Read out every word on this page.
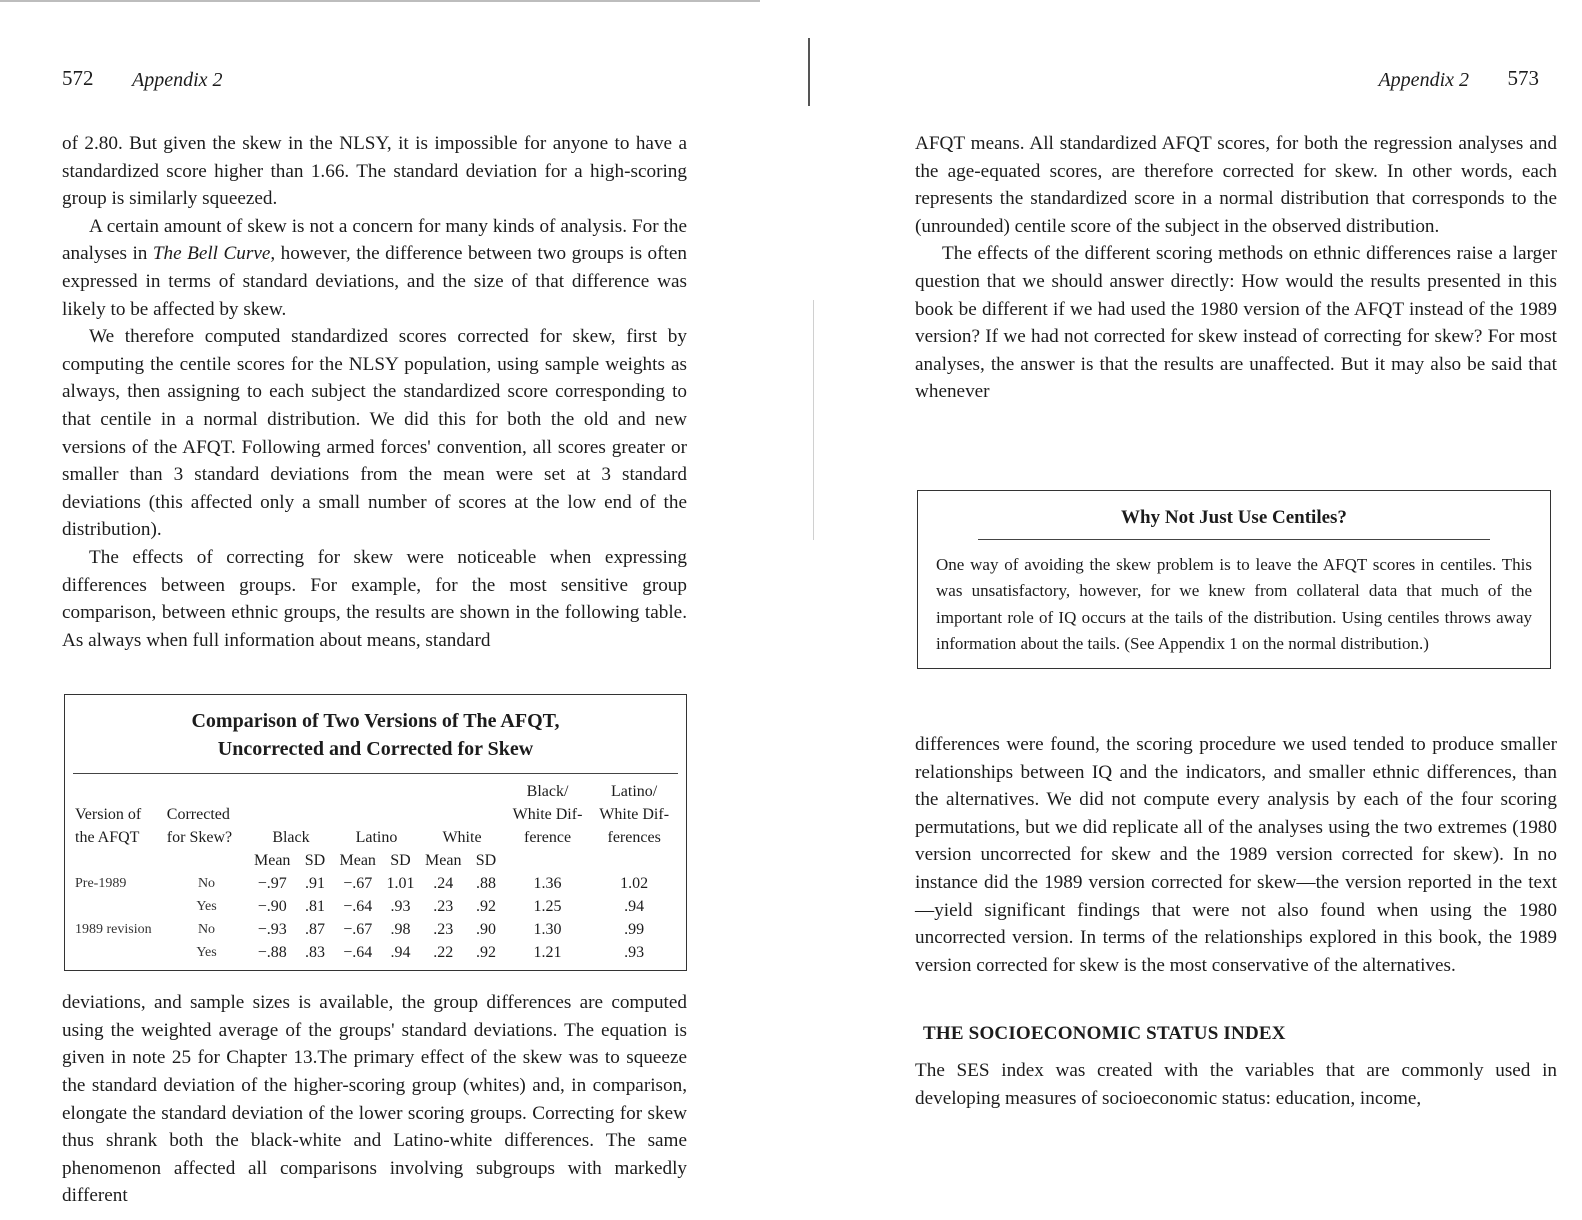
572 Appendix 2

of 2.80. But given the skew in the NLSY, it is impossible for anyone to have a standardized score higher than 1.66. The standard deviation for a high-scoring group is similarly squeezed.

A certain amount of skew is not a concern for many kinds of analysis. For the analyses in The Bell Curve, however, the difference between two groups is often expressed in terms of standard deviations, and the size of that difference was likely to be affected by skew.

We therefore computed standardized scores corrected for skew, first by computing the centile scores for the NLSY population, using sample weights as always, then assigning to each subject the standardized score corresponding to that centile in a normal distribution. We did this for both the old and new versions of the AFQT. Following armed forces' convention, all scores greater or smaller than 3 standard deviations from the mean were set at 3 standard deviations (this affected only a small number of scores at the low end of the distribution).

The effects of correcting for skew were noticeable when expressing differences between groups. For example, for the most sensitive group comparison, between ethnic groups, the results are shown in the following table. As always when full information about means, standard

Comparison of Two Versions of The AFQT,
Uncorrected and Corrected for Skew
								Black/	Latino/
Version of	Corrected							White Dif-	White Dif-
the AFQT	for Skew?	Black		Latino		White		ference	ferences
		Mean	SD	Mean	SD	Mean	SD		
Pre-1989	No	−.97	.91	−.67	1.01	.24	.88	1.36	1.02
	Yes	−.90	.81	−.64	.93	.23	.92	1.25	.94
1989 revision	No	−.93	.87	−.67	.98	.23	.90	1.30	.99
	Yes	−.88	.83	−.64	.94	.22	.92	1.21	.93

deviations, and sample sizes is available, the group differences are computed using the weighted average of the groups' standard deviations. The equation is given in note 25 for Chapter 13.The primary effect of the skew was to squeeze the standard deviation of the higher-scoring group (whites) and, in comparison, elongate the standard deviation of the lower scoring groups. Correcting for skew thus shrank both the black-white and Latino-white differences. The same phenomenon affected all comparisons involving subgroups with markedly different

Appendix 2 573

AFQT means. All standardized AFQT scores, for both the regression analyses and the age-equated scores, are therefore corrected for skew. In other words, each represents the standardized score in a normal distribution that corresponds to the (unrounded) centile score of the subject in the observed distribution.

The effects of the different scoring methods on ethnic differences raise a larger question that we should answer directly: How would the results presented in this book be different if we had used the 1980 version of the AFQT instead of the 1989 version? If we had not corrected for skew instead of correcting for skew? For most analyses, the answer is that the results are unaffected. But it may also be said that whenever

Why Not Just Use Centiles?

One way of avoiding the skew problem is to leave the AFQT scores in centiles. This was unsatisfactory, however, for we knew from collateral data that much of the important role of IQ occurs at the tails of the distribution. Using centiles throws away information about the tails. (See Appendix 1 on the normal distribution.)

differences were found, the scoring procedure we used tended to produce smaller relationships between IQ and the indicators, and smaller ethnic differences, than the alternatives. We did not compute every analysis by each of the four scoring permutations, but we did replicate all of the analyses using the two extremes (1980 version uncorrected for skew and the 1989 version corrected for skew). In no instance did the 1989 version corrected for skew—the version reported in the text—yield significant findings that were not also found when using the 1980 uncorrected version. In terms of the relationships explored in this book, the 1989 version corrected for skew is the most conservative of the alternatives.

THE SOCIOECONOMIC STATUS INDEX

The SES index was created with the variables that are commonly used in developing measures of socioeconomic status: education, income,
